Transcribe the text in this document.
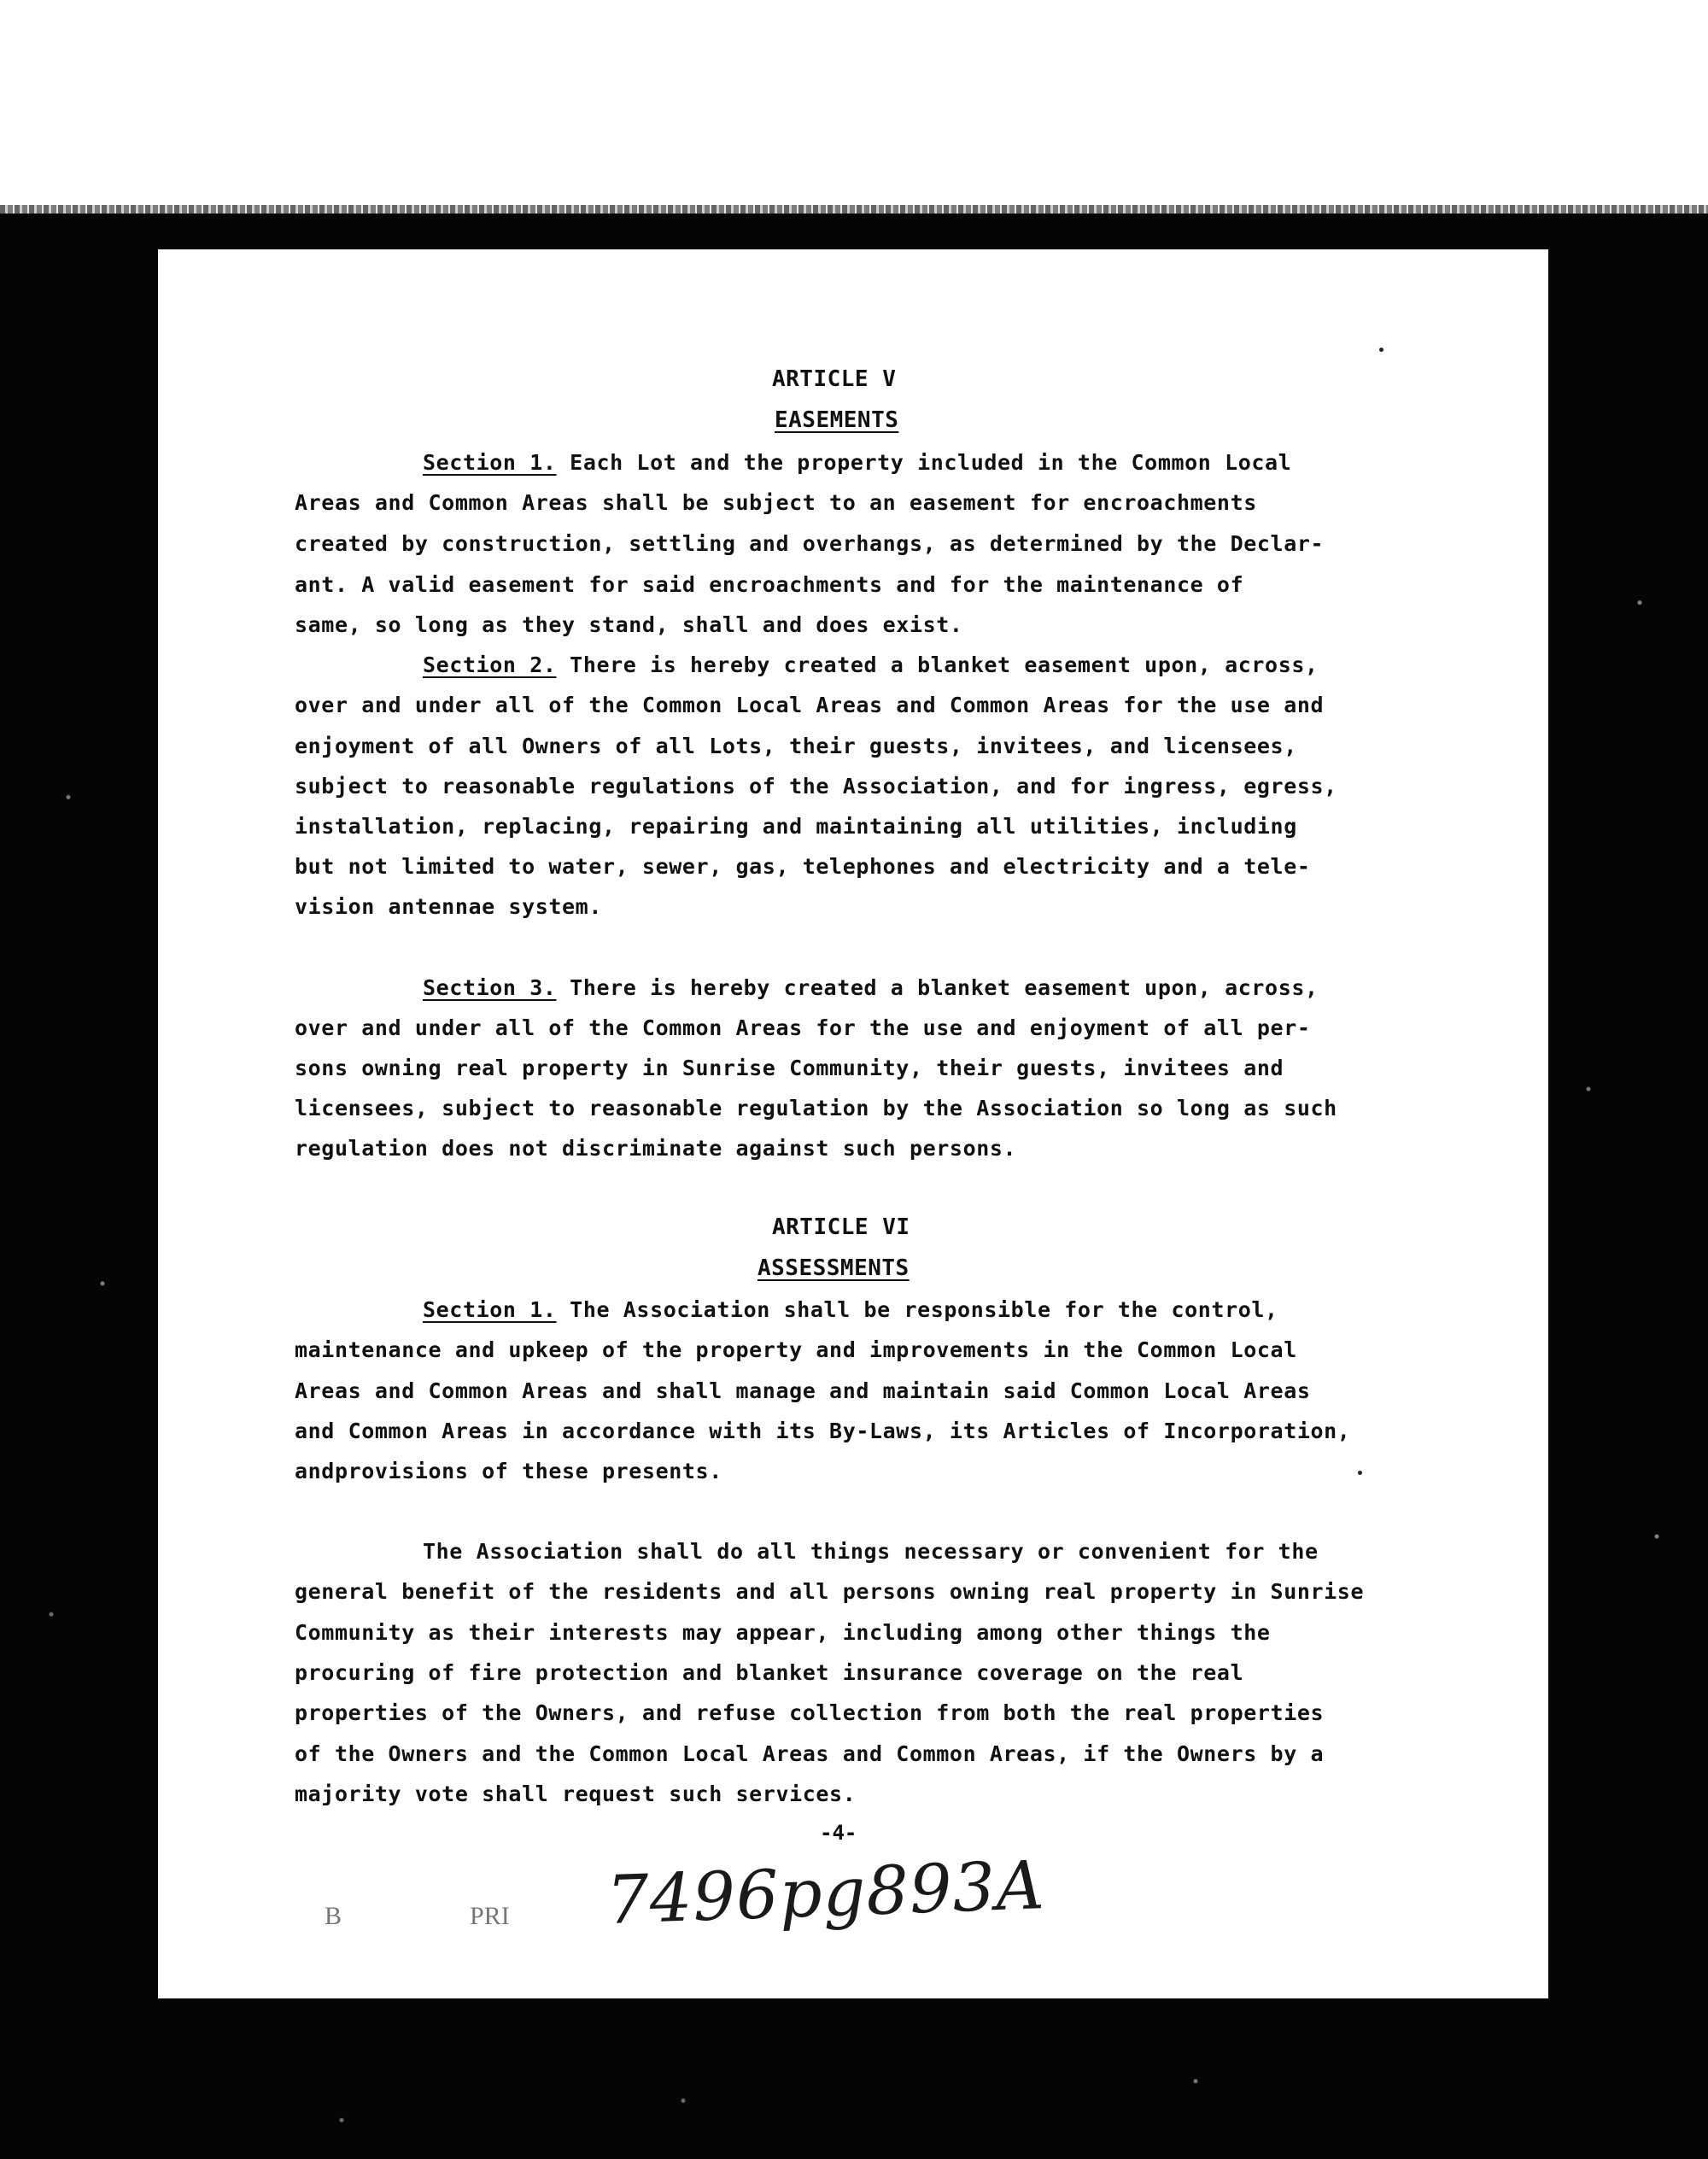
ARTICLE V
EASEMENTS
Section 1. Each Lot and the property included in the Common Local
Areas and Common Areas shall be subject to an easement for encroachments
created by construction, settling and overhangs, as determined by the Declar-
ant. A valid easement for said encroachments and for the maintenance of
same, so long as they stand, shall and does exist.
Section 2. There is hereby created a blanket easement upon, across,
over and under all of the Common Local Areas and Common Areas for the use and
enjoyment of all Owners of all Lots, their guests, invitees, and licensees,
subject to reasonable regulations of the Association, and for ingress, egress,
installation, replacing, repairing and maintaining all utilities, including
but not limited to water, sewer, gas, telephones and electricity and a tele-
vision antennae system.
Section 3. There is hereby created a blanket easement upon, across,
over and under all of the Common Areas for the use and enjoyment of all per-
sons owning real property in Sunrise Community, their guests, invitees and
licensees, subject to reasonable regulation by the Association so long as such
regulation does not discriminate against such persons.
ARTICLE VI
ASSESSMENTS
Section 1. The Association shall be responsible for the control,
maintenance and upkeep of the property and improvements in the Common Local
Areas and Common Areas and shall manage and maintain said Common Local Areas
and Common Areas in accordance with its By-Laws, its Articles of Incorporation,
andprovisions of these presents.
The Association shall do all things necessary or convenient for the
general benefit of the residents and all persons owning real property in Sunrise
Community as their interests may appear, including among other things the
procuring of fire protection and blanket insurance coverage on the real
properties of the Owners, and refuse collection from both the real properties
of the Owners and the Common Local Areas and Common Areas, if the Owners by a
majority vote shall request such services.
-4-
B	PRI 7496pg893A
